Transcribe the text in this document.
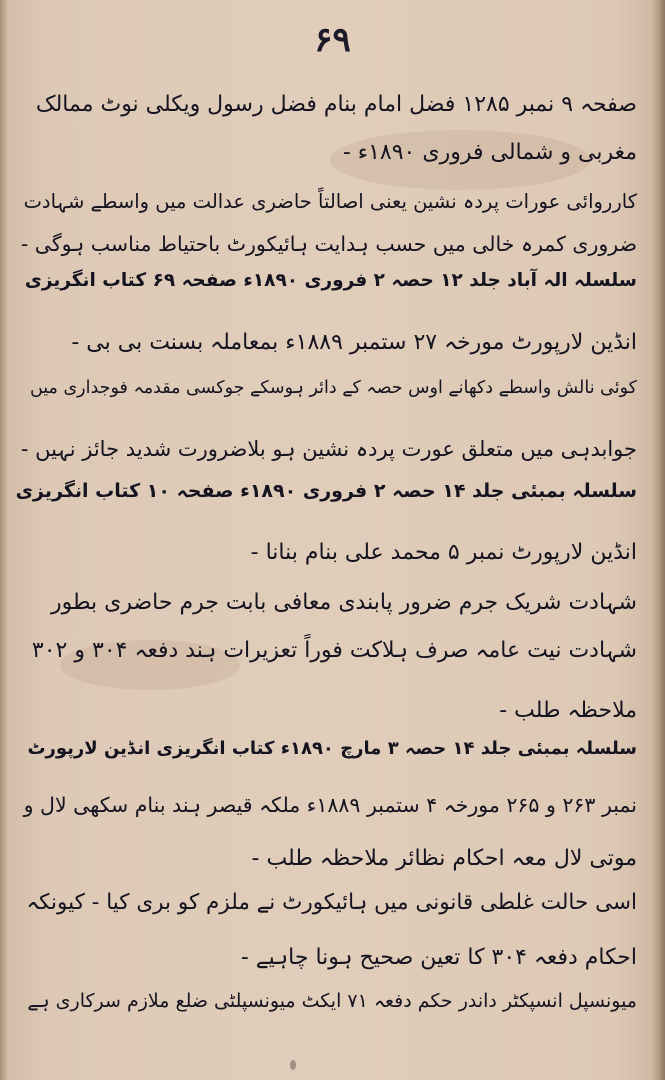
۶۹
صفحہ ۹ نمبر ۱۲۸۵ فضل امام بنام فضل رسول ویکلی نوٹ ممالک
مغربی و شمالی فروری ۱۸۹۰ء -
کارروائی عورات پردہ نشین یعنی اصالتاً حاضری عدالت میں واسطے شہادت
ضروری کمرہ خالی میں حسب ہدایت ہائیکورٹ باحتیاط مناسب ہوگی -
سلسلہ الہ آباد جلد ۱۲ حصہ ۲ فروری ۱۸۹۰ء صفحہ ۶۹ کتاب انگریزی
انڈین لارپورٹ مورخہ ۲۷ ستمبر ۱۸۸۹ء بمعاملہ بسنت بی بی -
کوئی نالش واسطے دکھانے اوس حصہ کے دائر ہوسکے جوکسی مقدمہ فوجداری میں
جوابدہی میں متعلق عورت پردہ نشین ہو بلاضرورت شدید جائز نہیں -
سلسلہ بمبئی جلد ۱۴ حصہ ۲ فروری ۱۸۹۰ء صفحہ ۱۰ کتاب انگریزی
انڈین لارپورٹ نمبر ۵ محمد علی بنام بنانا -
شہادت شریک جرم ضرور پابندی معافی بابت جرم حاضری بطور
شہادت نیت عامہ صرف ہلاکت فوراً تعزیرات ہند دفعہ ۳۰۴ و ۳۰۲
ملاحظہ طلب -
سلسلہ بمبئی جلد ۱۴ حصہ ۳ مارچ ۱۸۹۰ء کتاب انگریزی انڈین لارپورٹ
نمبر ۲۶۳ و ۲۶۵ مورخہ ۴ ستمبر ۱۸۸۹ء ملکہ قیصر ہند بنام سکھی لال و
موتی لال معہ احکام نظائر ملاحظہ طلب -
اسی حالت غلطی قانونی میں ہائیکورٹ نے ملزم کو بری کیا - کیونکہ
احکام دفعہ ۳۰۴ کا تعین صحیح ہونا چاہیے -
میونسپل انسپکٹر داندر حکم دفعہ ۷۱ ایکٹ میونسپلٹی ضلع ملازم سرکاری ہے
